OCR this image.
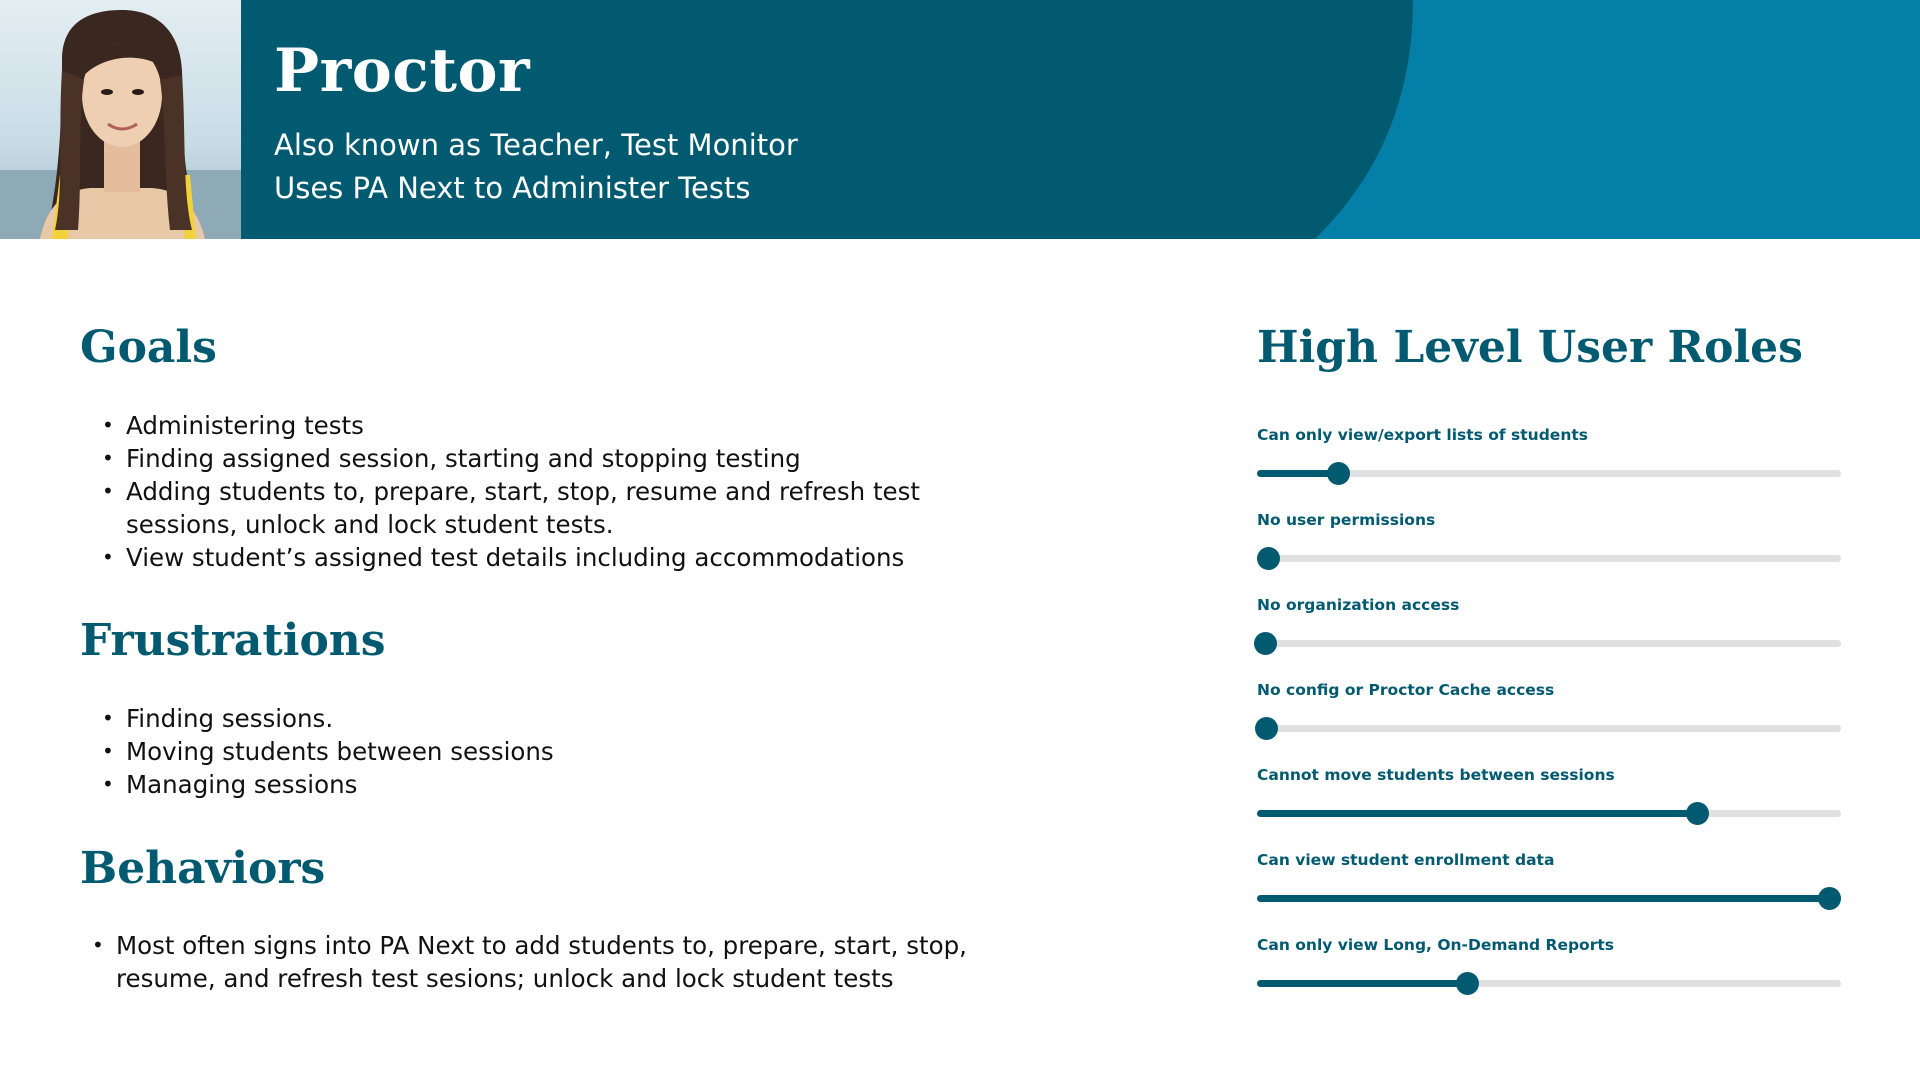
Proctor
Also known as Teacher, Test Monitor
Uses PA Next to Administer Tests
Goals
• Administering tests
• Finding assigned session, starting and stopping testing
• Adding students to, prepare, start, stop, resume and refresh test sessions, unlock and lock student tests.
• View student’s assigned test details including accommodations
Frustrations
• Finding sessions.
• Moving students between sessions
• Managing sessions
Behaviors
• Most often signs into PA Next to add students to, prepare, start, stop, resume, and refresh test sesions; unlock and lock student tests
High Level User Roles
Can only view/export lists of students
No user permissions
No organization access
No config or Proctor Cache access
Cannot move students between sessions
Can view student enrollment data
Can only view Long, On-Demand Reports
